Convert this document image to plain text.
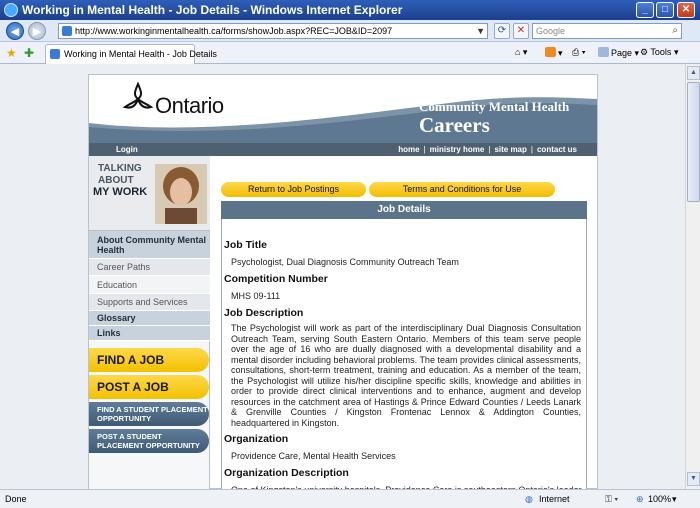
Working in Mental Health - Job Details - Windows Internet Explorer	_	□	✕
◀	▶	http://www.workinginmentalhealth.ca/forms/showJob.aspx?REC=JOB&ID=2097	▼	⟳	✕	Google	⌕
★ ✚	Working in Mental Health - Job Details	⌂ ▾	▾ ⎙ ▾	Page ▾ ⚙ Tools ▾
▲
▼
Ontario	Community Mental Health
Careers
Login	home | ministry home | site map | contact us
TALKING
ABOUT
MY WORK
About Community Mental Health
Career Paths
Education
Supports and Services
Glossary
Links
FIND A JOB
POST A JOB
FIND A STUDENT PLACEMENT OPPORTUNITY
POST A STUDENT PLACEMENT OPPORTUNITY
Return to Job Postings	Terms and Conditions for Use
Job Details
Job Title
Psychologist, Dual Diagnosis Community Outreach Team
Competition Number
MHS 09-111
Job Description
The Psychologist will work as part of the interdisciplinary Dual Diagnosis Consultation Outreach Team, serving South Eastern Ontario. Members of this team serve people over the age of 16 who are dually diagnosed with a developmental disability and a mental disorder including behavioral problems. The team provides clinical assessments, consultations, short-term treatment, training and education. As a member of the team, the Psychologist will utilize his/her discipline specific skills, knowledge and abilities in order to provide direct clinical interventions and to enhance, augment and develop resources in the catchment area of Hastings & Prince Edward Counties / Leeds Lanark & Grenville Counties / Kingston Frontenac Lennox & Addington Counties, headquartered in Kingston.
Organization
Providence Care, Mental Health Services
Organization Description
Done	◍ Internet	⚿ ▾ ⊕ 100% ▾
